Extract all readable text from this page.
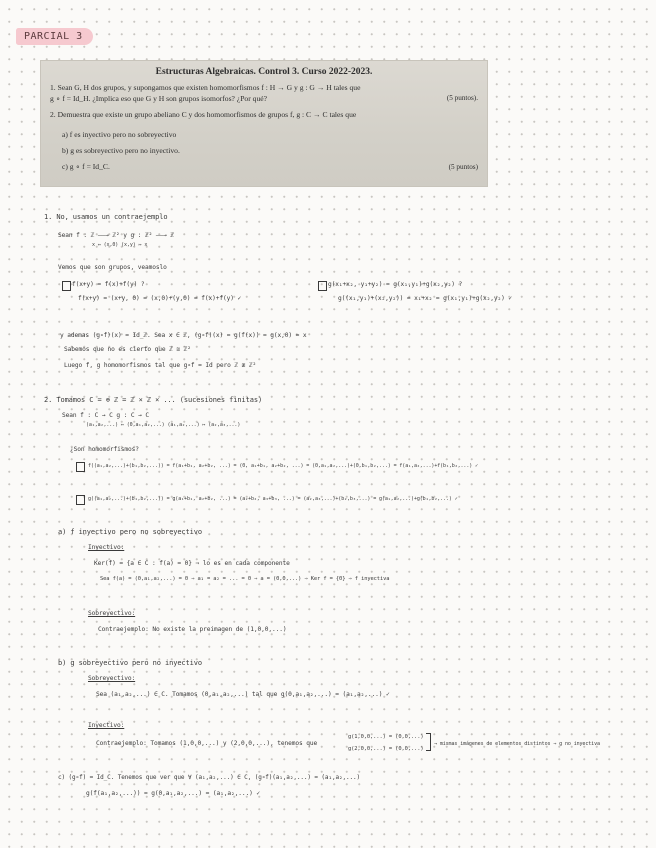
PARCIAL 3
Estructuras Algebraicas. Control 3. Curso 2022-2023.
1. Sean G, H dos grupos, y supongamos que existen homomorfismos f : H → G y g : G → H tales que
g ∘ f = Id_H. ¿Implica eso que G y H son grupos isomorfos? ¿Por qué?	(5 puntos).
2. Demuestra que existe un grupo abeliano C y dos homomorfismos de grupos f, g : C → C tales que
a) f es inyectivo pero no sobreyectivo
b) g es sobreyectivo pero no inyectivo.
c) g ∘ f = Id_C.	(5 puntos)
1. No, usamos un contraejemplo
Sean f : ℤ ——→ ℤ² y g : ℤ² ——→ ℤ
x ↦ (x,0) (x,y) ↦ x
Vemos que son grupos, veamoslo
f(x+y) = f(x)+f(y) ?
f(x+y) = (x+y, 0) = (x,0)+(y,0) = f(x)+f(y) ✓
g(x₁+x₂, y₁+y₂) = g(x₁,y₁)+g(x₂,y₂) ?
g((x₁,y₁)+(x₂,y₂)) = x₁+x₂ = g(x₁,y₁)+g(x₂,y₂) ✓
y ademas (g∘f)(x) = Id_ℤ. Sea x ∈ ℤ, (g∘f)(x) = g(f(x)) = g(x,0) = x
Sabemos que no es cierto que ℤ ≅ ℤ²
Luego f, g homomorfismos tal que g∘f = Id pero ℤ ≇ ℤ²
2. Tomamos C = ⊕ ℤ = ℤ × ℤ × ... (sucesiones finitas)
Sean f : C → C g : C → C
(a₁,a₂,...) ↦ (0,a₁,a₂,...) (a₁,a₂,...) ↦ (a₂,a₃,...)
¿Son homomorfismos?
f((a₁,a₂,...)+(b₁,b₂,...)) = f(a₁+b₁, a₂+b₂, ...) = (0, a₁+b₁, a₂+b₂, ...) = (0,a₁,a₂,...)+(0,b₁,b₂,...) = f(a₁,a₂,...)+f(b₁,b₂,...) ✓
g((a₁,a₂,...)+(b₁,b₂,...)) = g(a₁+b₁, a₂+b₂, ...) = (a₂+b₂, a₃+b₃, ...) = (a₂,a₃,...)+(b₂,b₃,...) = g(a₁,a₂,...)+g(b₁,b₂,...) ✓
a) f inyectivo pero no sobreyectivo
Inyectivo:
Ker(f) = {a ∈ C : f(a) = 0} ⇒ lo es en cada componente
Sea f(a) = (0,a₁,a₂,...) = 0 ⇒ a₁ = a₂ = ... = 0 ⇒ a = (0,0,...) ⇒ Ker f = {0} ⇒ f inyectiva
Sobreyectivo:
Contraejemplo: No existe la preimagen de (1,0,0,...)
b) g sobreyectivo pero no inyectivo
Sobreyectivo:
Sea (a₁,a₂,...) ∈ C. Tomamos (0,a₁,a₂,...) tal que g(0,a₁,a₂,...) = (a₁,a₂,...) ✓
Inyectivo:
Contraejemplo: Tomamos (1,0,0,...) y (2,0,0,...), tenemos que
g(1,0,0,...) = (0,0,...)
g(2,0,0,...) = (0,0,...)
→ mismas imágenes de elementos distintos ⇒ g no inyectiva
c) (g∘f) = Id_C. Tenemos que ver que ∀ (a₁,a₂,...) ∈ C, (g∘f)(a₁,a₂,...) = (a₁,a₂,...)
g(f(a₁,a₂,...)) = g(0,a₁,a₂,...) = (a₁,a₂,...) ✓
